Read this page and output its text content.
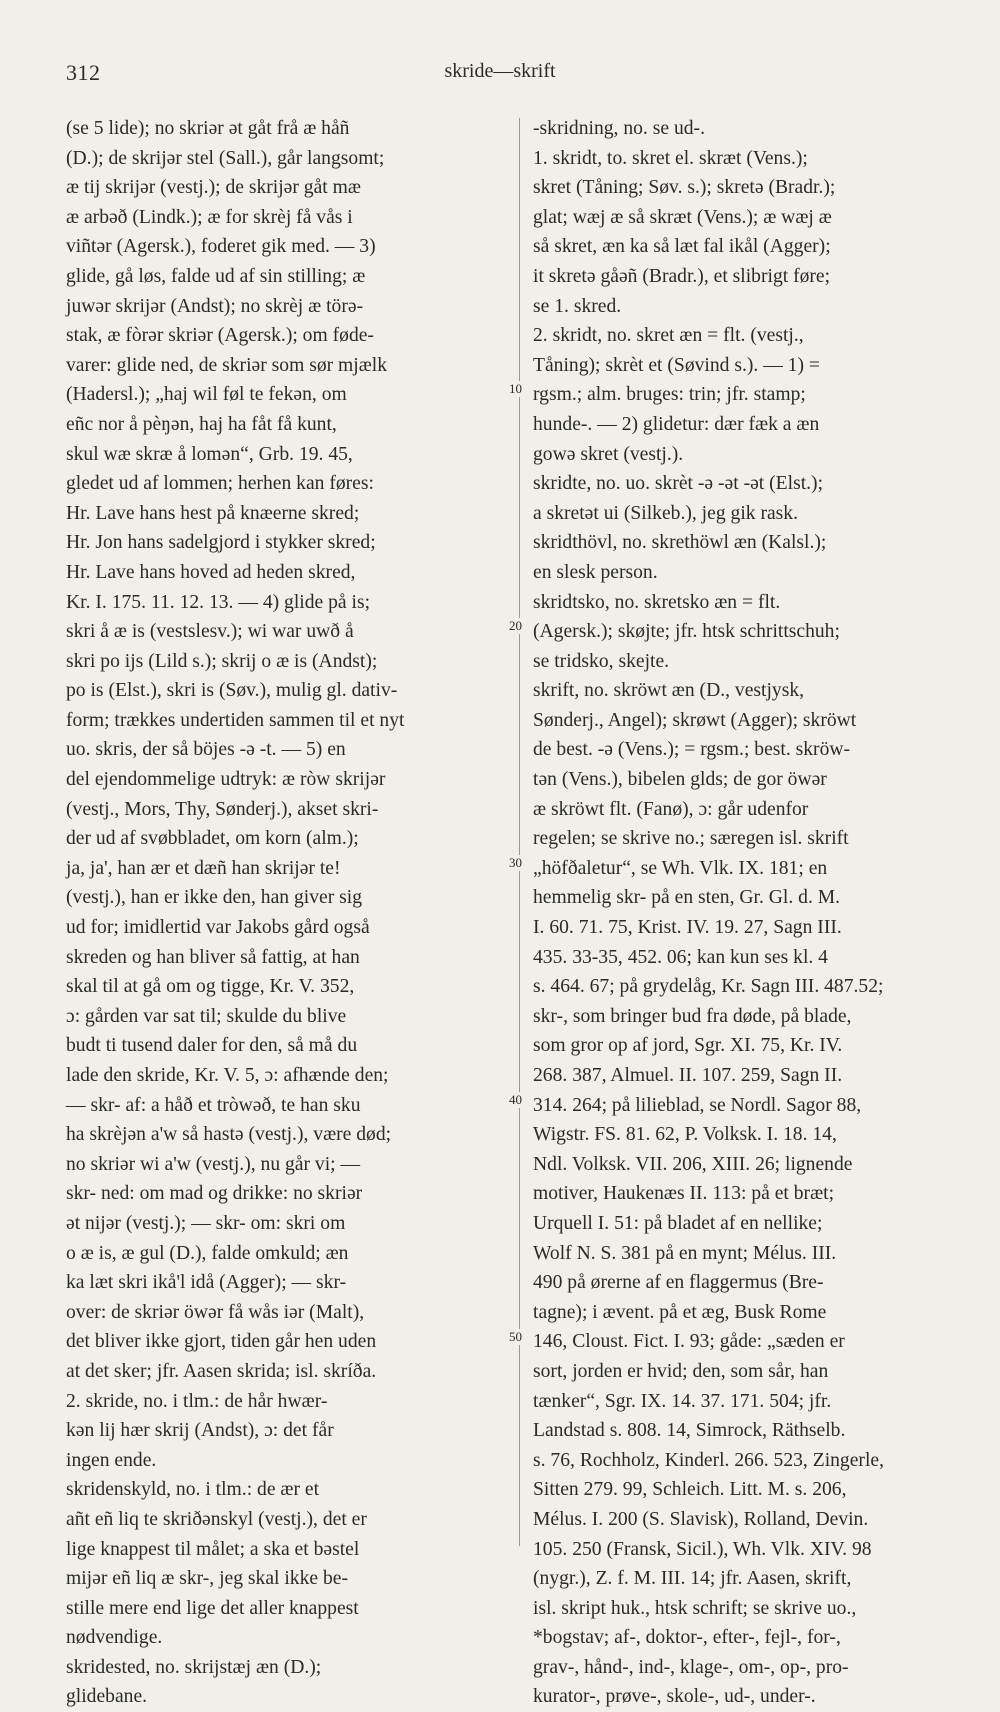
312	skride—skrift
(se 5 lide); no skriər ət gåt frå æ håñ
(D.); de skrijər stel (Sall.), går langsomt;
æ tij skrijər (vestj.); de skrijər gåt mæ
æ arbəð (Lindk.); æ for skrèj få vås i
viñtər (Agersk.), foderet gik med. — 3)
glide, gå løs, falde ud af sin stilling; æ
juwər skrijər (Andst); no skrèj æ törə-
stak, æ fòrər skriər (Agersk.); om føde-
varer: glide ned, de skriər som sør mjælk
(Hadersl.); „haj wil føl te fekən, om
eñc nor å pèŋən, haj ha fåt få kunt,
skul wæ skræ å lomən“, Grb. 19. 45,
gledet ud af lommen; herhen kan føres:
Hr. Lave hans hest på knæerne skred;
Hr. Jon hans sadelgjord i stykker skred;
Hr. Lave hans hoved ad heden skred,
Kr. I. 175. 11. 12. 13. — 4) glide på is;
skri å æ is (vestslesv.); wi war uwð å
skri po ijs (Lild s.); skrij o æ is (Andst);
po is (Elst.), skri is (Søv.), mulig gl. dativ-
form; trækkes undertiden sammen til et nyt
uo. skris, der så böjes -ə -t. — 5) en
del ejendommelige udtryk: æ ròw skrijər
(vestj., Mors, Thy, Sønderj.), akset skri-
der ud af svøbbladet, om korn (alm.);
ja, ja', han ær et dæñ han skrijər te!
(vestj.), han er ikke den, han giver sig
ud for; imidlertid var Jakobs gård også
skreden og han bliver så fattig, at han
skal til at gå om og tigge, Kr. V. 352,
ɔ: gården var sat til; skulde du blive
budt ti tusend daler for den, så må du
lade den skride, Kr. V. 5, ɔ: afhænde den;
— skr- af: a håð et tròwəð, te han sku
ha skrèjən a'w så hastə (vestj.), være død;
no skriər wi a'w (vestj.), nu går vi; —
skr- ned: om mad og drikke: no skriər
ət nijər (vestj.); — skr- om: skri om
o æ is, æ gul (D.), falde omkuld; æn
ka læt skri ikå'l idå (Agger); — skr-
over: de skriər öwər få wås iər (Malt),
det bliver ikke gjort, tiden går hen uden
at det sker; jfr. Aasen skrida; isl. skríða.
2. skride, no. i tlm.: de hår hwær-
kən lij hær skrij (Andst), ɔ: det får
ingen ende.
skridenskyld, no. i tlm.: de ær et
añt eñ liq te skriðənskyl (vestj.), det er
lige knappest til målet; a ska et bəstel
mijər eñ liq æ skr-, jeg skal ikke be-
stille mere end lige det aller knappest
nødvendige.
skridested, no. skrijstæj æn (D.);
glidebane.
-skridning, no. se ud-.
1. skridt, to. skret el. skræt (Vens.);
skret (Tåning; Søv. s.); skretə (Bradr.);
glat; wæj æ så skræt (Vens.); æ wæj æ
så skret, æn ka så læt fal ikål (Agger);
it skretə gåəñ (Bradr.), et slibrigt føre;
se 1. skred.
2. skridt, no. skret æn = flt. (vestj.,
Tåning); skrèt et (Søvind s.). — 1) =
rgsm.; alm. bruges: trin; jfr. stamp;
hunde-. — 2) glidetur: dær fæk a æn
gowə skret (vestj.).
skridte, no. uo. skrèt -ə -ət -ət (Elst.);
a skretət ui (Silkeb.), jeg gik rask.
skridthövl, no. skrethöwl æn (Kalsl.);
en slesk person.
skridtsko, no. skretsko æn = flt.
(Agersk.); skøjte; jfr. htsk schrittschuh;
se tridsko, skejte.
skrift, no. skröwt æn (D., vestjysk,
Sønderj., Angel); skrøwt (Agger); skröwt
de best. -ə (Vens.); = rgsm.; best. skröw-
tən (Vens.), bibelen glds; de gor öwər
æ skröwt flt. (Fanø), ɔ: går udenfor
regelen; se skrive no.; særegen isl. skrift
„höfðaletur“, se Wh. Vlk. IX. 181; en
hemmelig skr- på en sten, Gr. Gl. d. M.
I. 60. 71. 75, Krist. IV. 19. 27, Sagn III.
435. 33-35, 452. 06; kan kun ses kl. 4
s. 464. 67; på grydelåg, Kr. Sagn III. 487.52;
skr-, som bringer bud fra døde, på blade,
som gror op af jord, Sgr. XI. 75, Kr. IV.
268. 387, Almuel. II. 107. 259, Sagn II.
314. 264; på lilieblad, se Nordl. Sagor 88,
Wigstr. FS. 81. 62, P. Volksk. I. 18. 14,
Ndl. Volksk. VII. 206, XIII. 26; lignende
motiver, Haukenæs II. 113: på et bræt;
Urquell I. 51: på bladet af en nellike;
Wolf N. S. 381 på en mynt; Mélus. III.
490 på ørerne af en flaggermus (Bre-
tagne); i ævent. på et æg, Busk Rome
146, Cloust. Fict. I. 93; gåde: „sæden er
sort, jorden er hvid; den, som sår, han
tænker“, Sgr. IX. 14. 37. 171. 504; jfr.
Landstad s. 808. 14, Simrock, Räthselb.
s. 76, Rochholz, Kinderl. 266. 523, Zingerle,
Sitten 279. 99, Schleich. Litt. M. s. 206,
Mélus. I. 200 (S. Slavisk), Rolland, Devin.
105. 250 (Fransk, Sicil.), Wh. Vlk. XIV. 98
(nygr.), Z. f. M. III. 14; jfr. Aasen, skrift,
isl. skript huk., htsk schrift; se skrive uo.,
*bogstav; af-, doktor-, efter-, fejl-, for-,
grav-, hånd-, ind-, klage-, om-, op-, pro-
kurator-, prøve-, skole-, ud-, under-.
10
20
30
40
50
